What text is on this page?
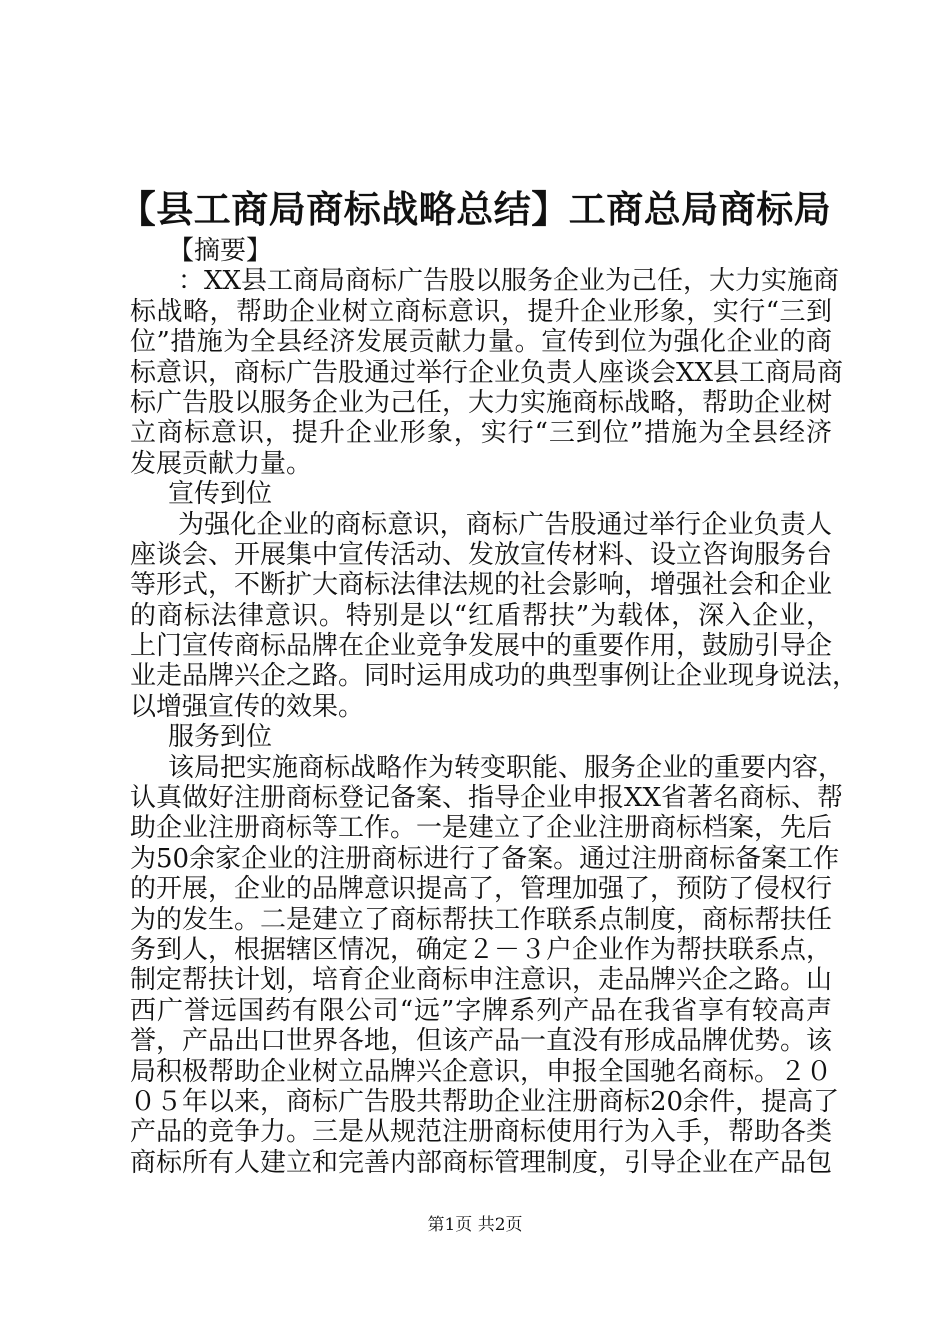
【县工商局商标战略总结】工商总局商标局
【摘要】
：XX县工商局商标广告股以服务企业为己任，大力实施商
标战略，帮助企业树立商标意识，提升企业形象，实行“三到
位”措施为全县经济发展贡献力量。宣传到位为强化企业的商
标意识，商标广告股通过举行企业负责人座谈会XX县工商局商
标广告股以服务企业为己任，大力实施商标战略，帮助企业树
立商标意识，提升企业形象，实行“三到位”措施为全县经济
发展贡献力量。
宣传到位
为强化企业的商标意识，商标广告股通过举行企业负责人
座谈会、开展集中宣传活动、发放宣传材料、设立咨询服务台
等形式，不断扩大商标法律法规的社会影响，增强社会和企业
的商标法律意识。特别是以“红盾帮扶”为载体，深入企业，
上门宣传商标品牌在企业竞争发展中的重要作用，鼓励引导企
业走品牌兴企之路。同时运用成功的典型事例让企业现身说法，
以增强宣传的效果。
服务到位
该局把实施商标战略作为转变职能、服务企业的重要内容，
认真做好注册商标登记备案、指导企业申报XX省著名商标、帮
助企业注册商标等工作。一是建立了企业注册商标档案，先后
为50余家企业的注册商标进行了备案。通过注册商标备案工作
的开展，企业的品牌意识提高了，管理加强了，预防了侵权行
为的发生。二是建立了商标帮扶工作联系点制度，商标帮扶任
务到人，根据辖区情况，确定２－３户企业作为帮扶联系点，
制定帮扶计划，培育企业商标申注意识，走品牌兴企之路。山
西广誉远国药有限公司“远”字牌系列产品在我省享有较高声
誉，产品出口世界各地，但该产品一直没有形成品牌优势。该
局积极帮助企业树立品牌兴企意识，申报全国驰名商标。２０
０５年以来，商标广告股共帮助企业注册商标20余件，提高了
产品的竞争力。三是从规范注册商标使用行为入手，帮助各类
商标所有人建立和完善内部商标管理制度，引导企业在产品包
第1页 共2页
